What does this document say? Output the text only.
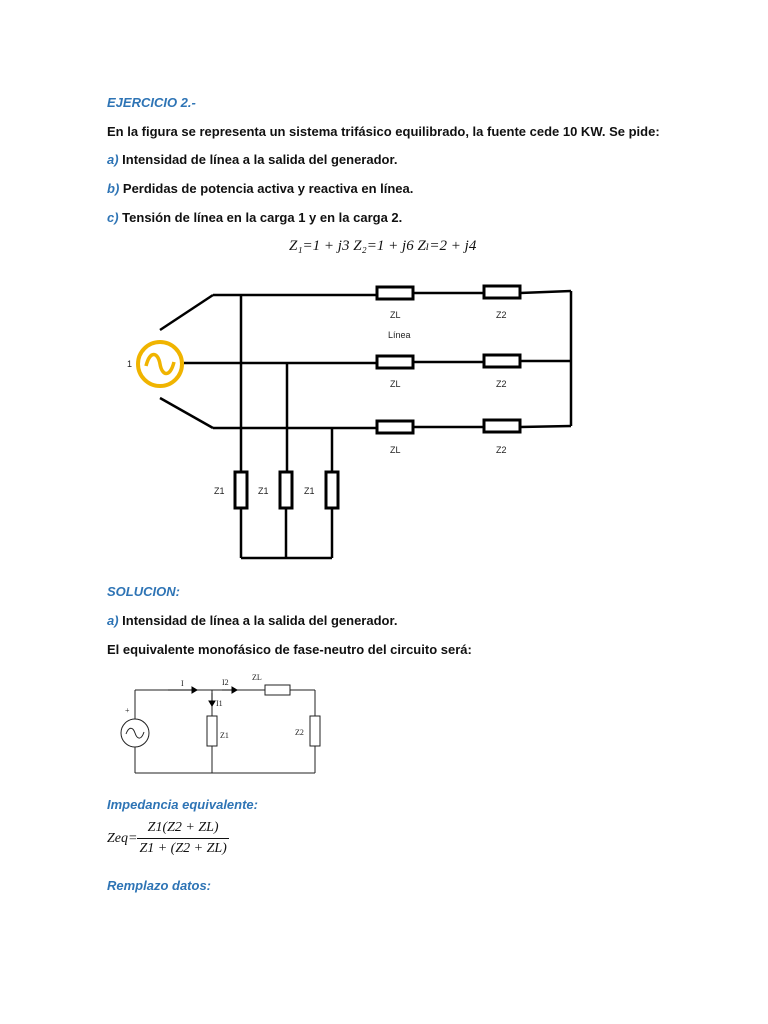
EJERCICIO 2.-
En la figura se representa un sistema trifásico equilibrado, la fuente cede 10 KW. Se pide:
a) Intensidad de línea a la salida del generador.
b) Perdidas de potencia activa y reactiva en línea.
c) Tensión de línea en la carga 1 y en la carga 2.
Z₁=1 + j3 Z₂=1 + j6 Zₗ=2 + j4
1
ZL
Línea
ZL
ZL
Z2
Z2
Z2
Z1	Z1	Z1
+
I	I2
I1
ZL
Z1	Z2
SOLUCION:
a) Intensidad de línea a la salida del generador.
El equivalente monofásico de fase-neutro del circuito será:
Impedancia equivalente:
$Zeq= \frac{Z1(Z2 + ZL)}{Z1 + (Z2 + ZL)}$
Remplazo datos:
